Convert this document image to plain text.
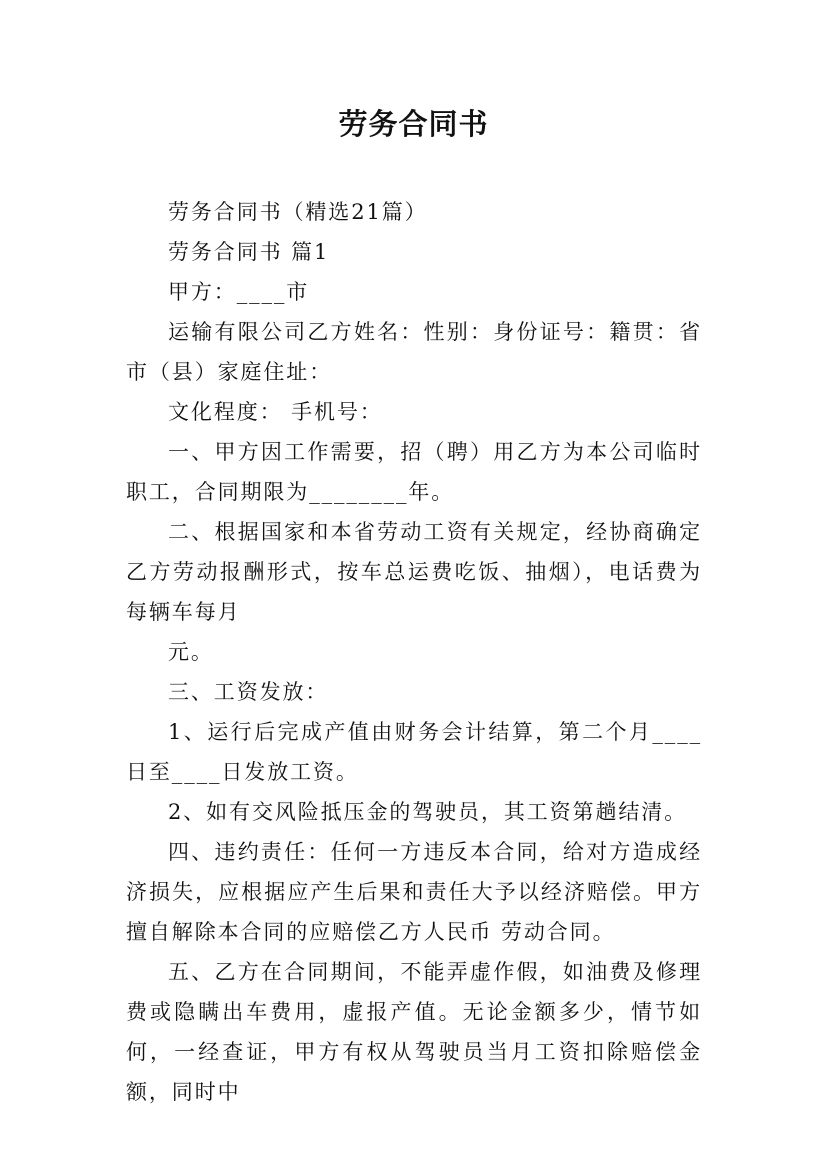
劳务合同书

劳务合同书（精选21篇）

劳务合同书 篇1

甲方：____市

运输有限公司乙方姓名：性别：身份证号：籍贯：省市（县）家庭住址：

文化程度： 手机号：

一、甲方因工作需要，招（聘）用乙方为本公司临时职工，合同期限为________年。

二、根据国家和本省劳动工资有关规定，经协商确定乙方劳动报酬形式，按车总运费吃饭、抽烟），电话费为每辆车每月

元。

三、工资发放：

1、运行后完成产值由财务会计结算，第二个月____日至____日发放工资。

2、如有交风险抵压金的驾驶员，其工资第趟结清。

四、违约责任：任何一方违反本合同，给对方造成经济损失，应根据应产生后果和责任大予以经济赔偿。甲方擅自解除本合同的应赔偿乙方人民币 劳动合同。

五、乙方在合同期间，不能弄虚作假，如油费及修理费或隐瞒出车费用，虚报产值。无论金额多少，情节如何，一经查证，甲方有权从驾驶员当月工资扣除赔偿金额，同时中
